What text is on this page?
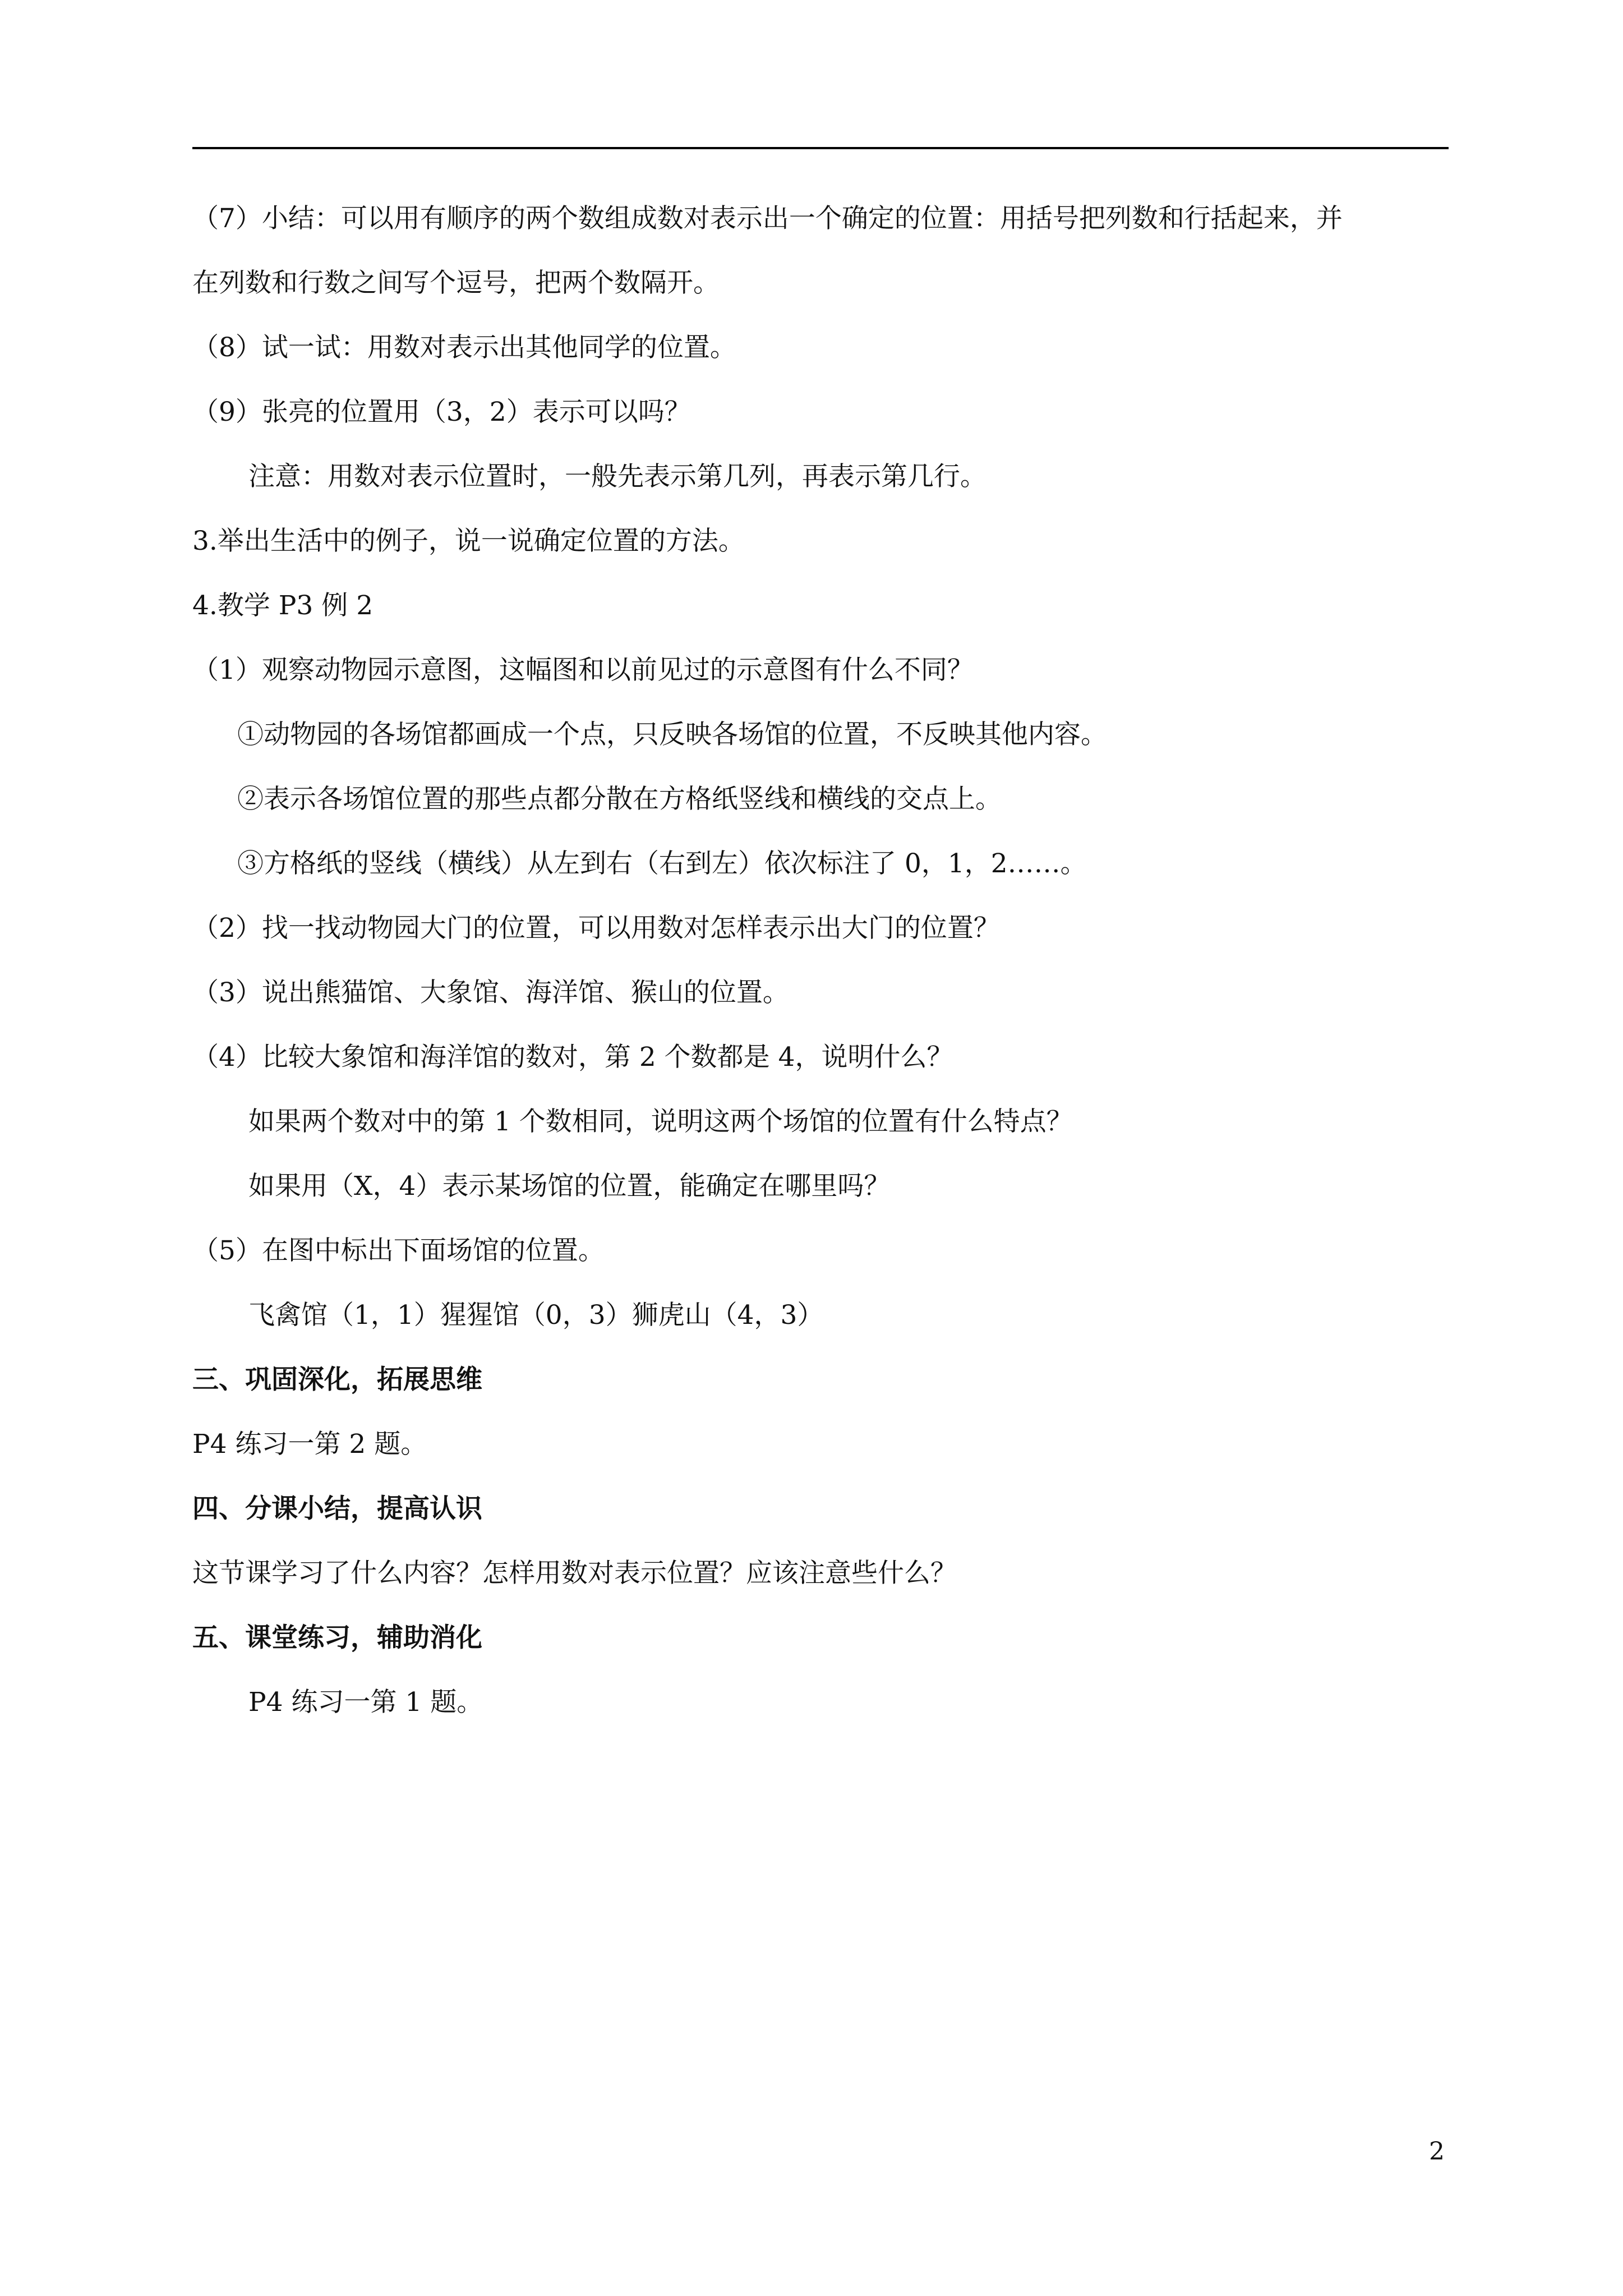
（7）小结：可以用有顺序的两个数组成数对表示出一个确定的位置：用括号把列数和行括起来，并
在列数和行数之间写个逗号，把两个数隔开。
（8）试一试：用数对表示出其他同学的位置。
（9）张亮的位置用（3，2）表示可以吗？
注意：用数对表示位置时，一般先表示第几列，再表示第几行。
3.举出生活中的例子，说一说确定位置的方法。
4.教学 P3 例 2
（1）观察动物园示意图，这幅图和以前见过的示意图有什么不同？
①动物园的各场馆都画成一个点，只反映各场馆的位置，不反映其他内容。
②表示各场馆位置的那些点都分散在方格纸竖线和横线的交点上。
③方格纸的竖线（横线）从左到右（右到左）依次标注了 0，1，2……。
（2）找一找动物园大门的位置，可以用数对怎样表示出大门的位置？
（3）说出熊猫馆、大象馆、海洋馆、猴山的位置。
（4）比较大象馆和海洋馆的数对，第 2 个数都是 4，说明什么？
如果两个数对中的第 1 个数相同，说明这两个场馆的位置有什么特点？
如果用（X，4）表示某场馆的位置，能确定在哪里吗？
（5）在图中标出下面场馆的位置。
飞禽馆（1，1）猩猩馆（0，3）狮虎山（4，3）
三、巩固深化，拓展思维
P4 练习一第 2 题。
四、分课小结，提高认识
这节课学习了什么内容？怎样用数对表示位置？应该注意些什么？
五、课堂练习，辅助消化
P4 练习一第 1 题。
2
